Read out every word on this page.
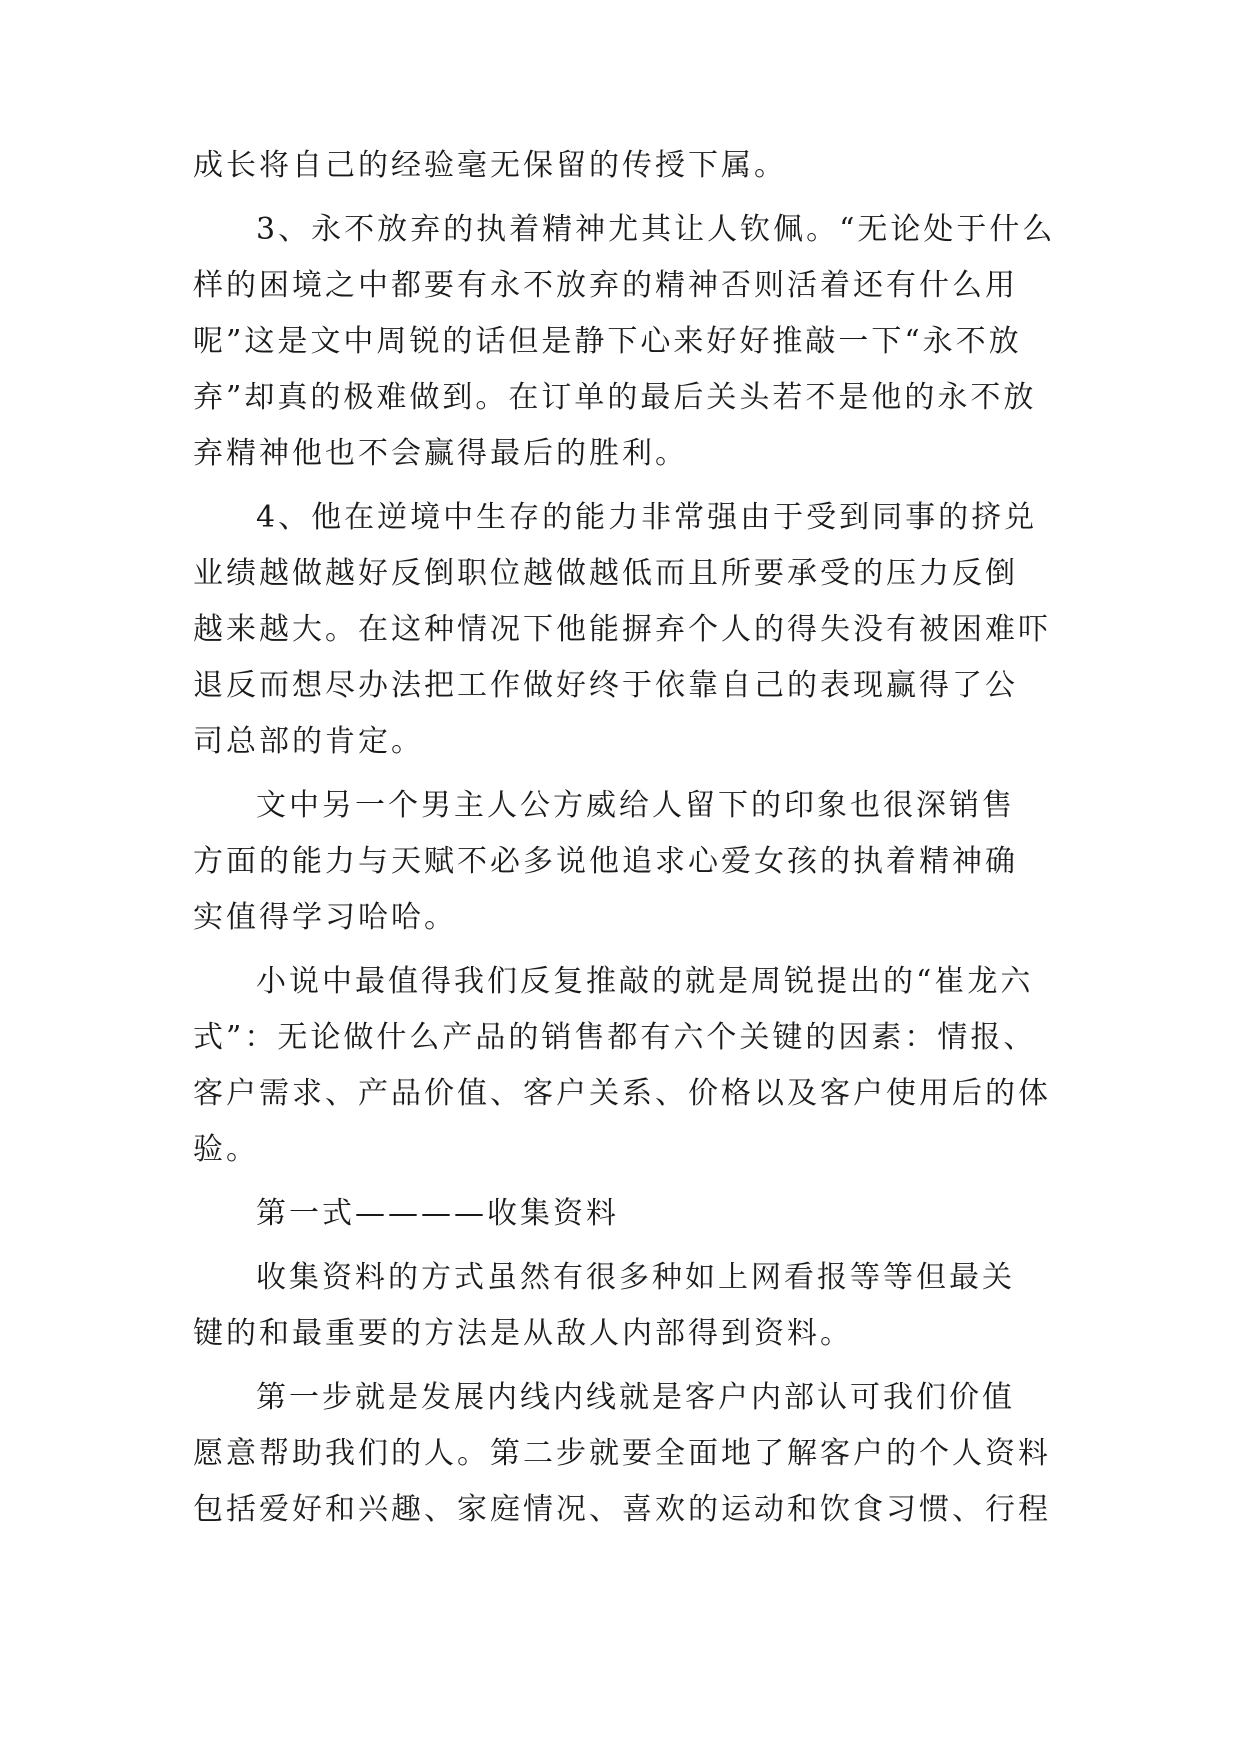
成长将自己的经验毫无保留的传授下属。

3、永不放弃的执着精神尤其让人钦佩。“无论处于什么

样的困境之中都要有永不放弃的精神否则活着还有什么用

呢”这是文中周锐的话但是静下心来好好推敲一下“永不放

弃”却真的极难做到。在订单的最后关头若不是他的永不放

弃精神他也不会赢得最后的胜利。

4、他在逆境中生存的能力非常强由于受到同事的挤兑

业绩越做越好反倒职位越做越低而且所要承受的压力反倒

越来越大。在这种情况下他能摒弃个人的得失没有被困难吓

退反而想尽办法把工作做好终于依靠自己的表现赢得了公

司总部的肯定。

文中另一个男主人公方威给人留下的印象也很深销售

方面的能力与天赋不必多说他追求心爱女孩的执着精神确

实值得学习哈哈。

小说中最值得我们反复推敲的就是周锐提出的“崔龙六

式”：无论做什么产品的销售都有六个关键的因素：情报、

客户需求、产品价值、客户关系、价格以及客户使用后的体

验。

第一式————收集资料

收集资料的方式虽然有很多种如上网看报等等但最关

键的和最重要的方法是从敌人内部得到资料。

第一步就是发展内线内线就是客户内部认可我们价值

愿意帮助我们的人。第二步就要全面地了解客户的个人资料

包括爱好和兴趣、家庭情况、喜欢的运动和饮食习惯、行程
